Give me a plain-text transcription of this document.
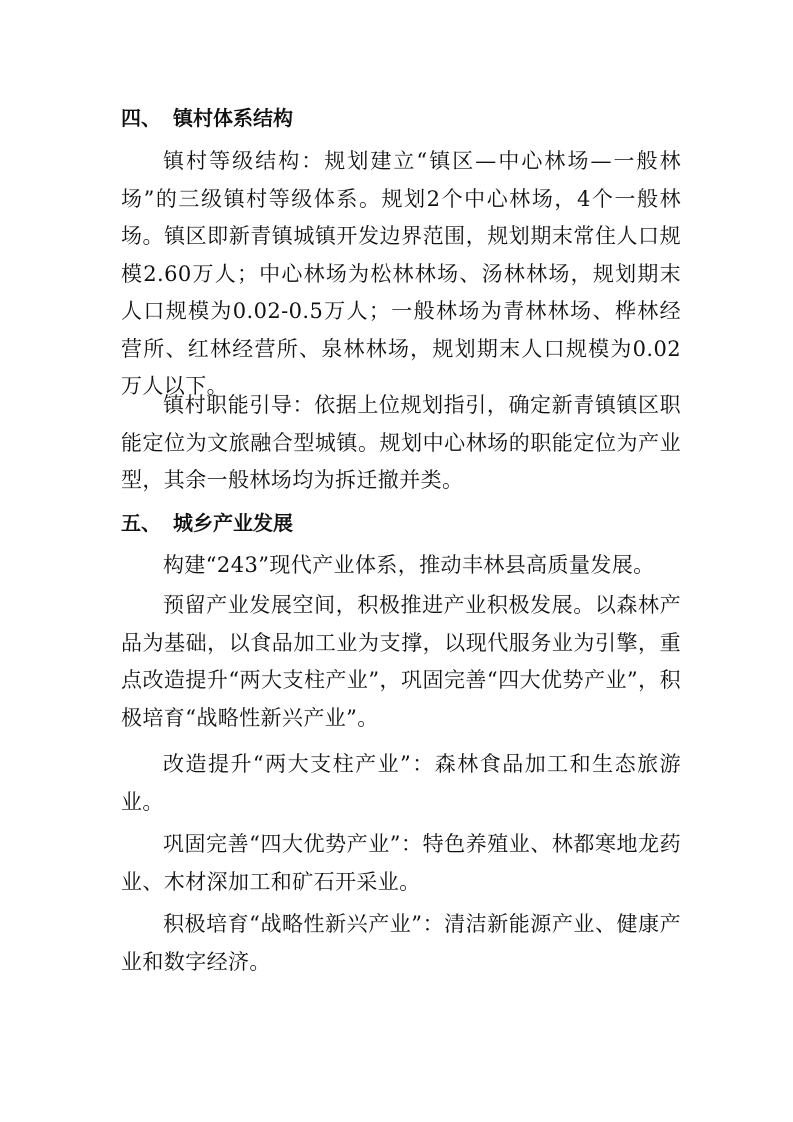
四、 镇村体系结构

镇村等级结构：规划建立“镇区—中心林场—一般林场”的三级镇村等级体系。规划2个中心林场，4个一般林场。镇区即新青镇城镇开发边界范围，规划期末常住人口规模2.60万人；中心林场为松林林场、汤林林场，规划期末人口规模为0.02-0.5万人；一般林场为青林林场、桦林经营所、红林经营所、泉林林场，规划期末人口规模为0.02万人以下。

镇村职能引导：依据上位规划指引，确定新青镇镇区职能定位为文旅融合型城镇。规划中心林场的职能定位为产业型，其余一般林场均为拆迁撤并类。

五、 城乡产业发展

构建“243”现代产业体系，推动丰林县高质量发展。

预留产业发展空间，积极推进产业积极发展。以森林产品为基础，以食品加工业为支撑，以现代服务业为引擎，重点改造提升“两大支柱产业”，巩固完善“四大优势产业”，积极培育“战略性新兴产业”。

改造提升“两大支柱产业”：森林食品加工和生态旅游业。

巩固完善“四大优势产业”：特色养殖业、林都寒地龙药业、木材深加工和矿石开采业。

积极培育“战略性新兴产业”：清洁新能源产业、健康产业和数字经济。
